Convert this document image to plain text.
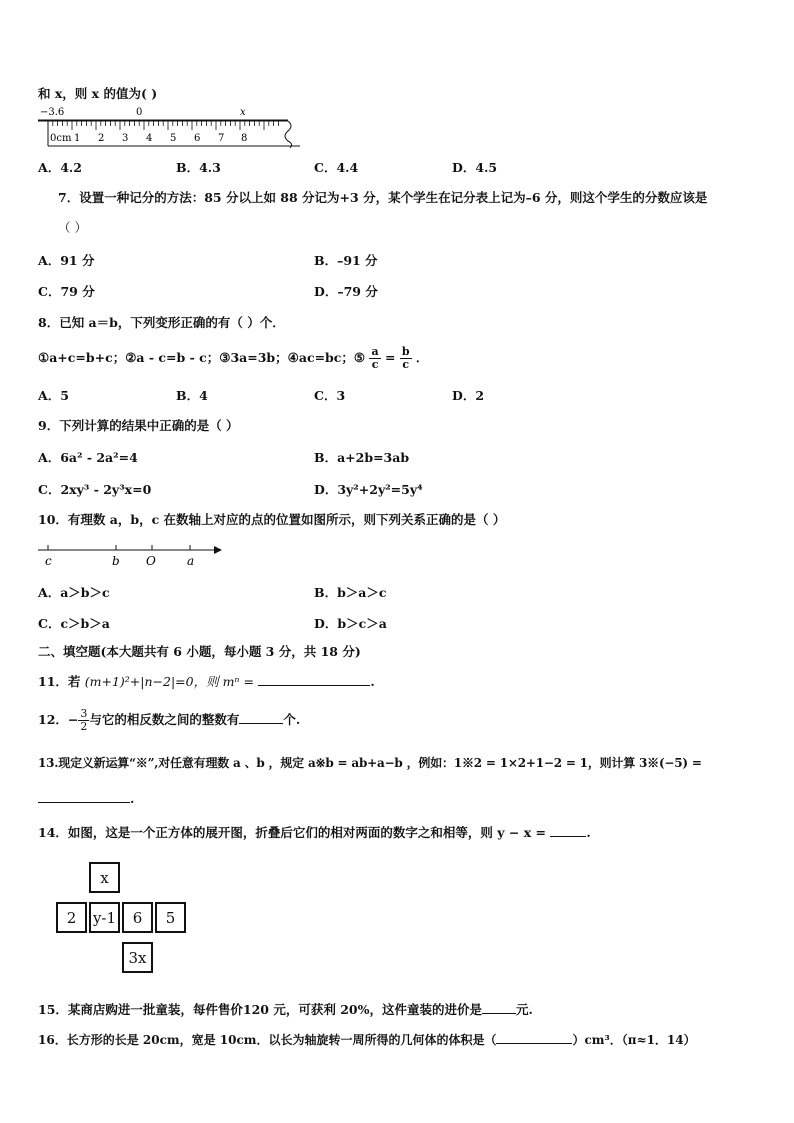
和 x，则 x 的值为( )
−3.6	0	x
0cm 1 2 3 4 5 6 7 8
A．4.2	B．4.3	C．4.4	D．4.5
7．设置一种记分的方法：85 分以上如 88 分记为+3 分，某个学生在记分表上记为–6 分，则这个学生的分数应该是
（ ）
A．91 分	B．–91 分
C．79 分	D．–79 分
8．已知 a＝b，下列变形正确的有（ ）个．
①a+c=b+c；②a - c=b - c；③3a=3b；④ac=bc；⑤ $\frac{a}{c} = \frac{b}{c}$ ．
A．5	B．4	C．3	D．2
9．下列计算的结果中正确的是（ ）
A．6a² - 2a²=4	B．a+2b=3ab
C．2xy³ - 2y³x=0	D．3y²+2y²=5y⁴
10．有理数 a，b，c 在数轴上对应的点的位置如图所示，则下列关系正确的是（ ）
c	b O	a
A．a＞b＞c	B．b＞a＞c
C．c＞b＞a	D．b＞c＞a
二、填空题(本大题共有 6 小题，每小题 3 分，共 18 分)
11．若 (m+1)²+|n−2|=0，则 mⁿ =	.
12．− $\frac{3}{2}$ 与它的相反数之间的整数有	个.
13.现定义新运算“※”,对任意有理数 a 、b ，规定 a※b = ab+a−b ，例如：1※2 = 1×2+1−2 = 1，则计算 3※(−5) =
.
14．如图，这是一个正方体的展开图，折叠后它们的相对两面的数字之和相等，则 y − x =	.
x
2	y-1	6	5
3x
15．某商店购进一批童装，每件售价120 元，可获利 20%，这件童装的进价是	元.
16．长方形的长是 20cm，宽是 10cm．以长为轴旋转一周所得的几何体的体积是（	）cm³．（π≈1．14）
